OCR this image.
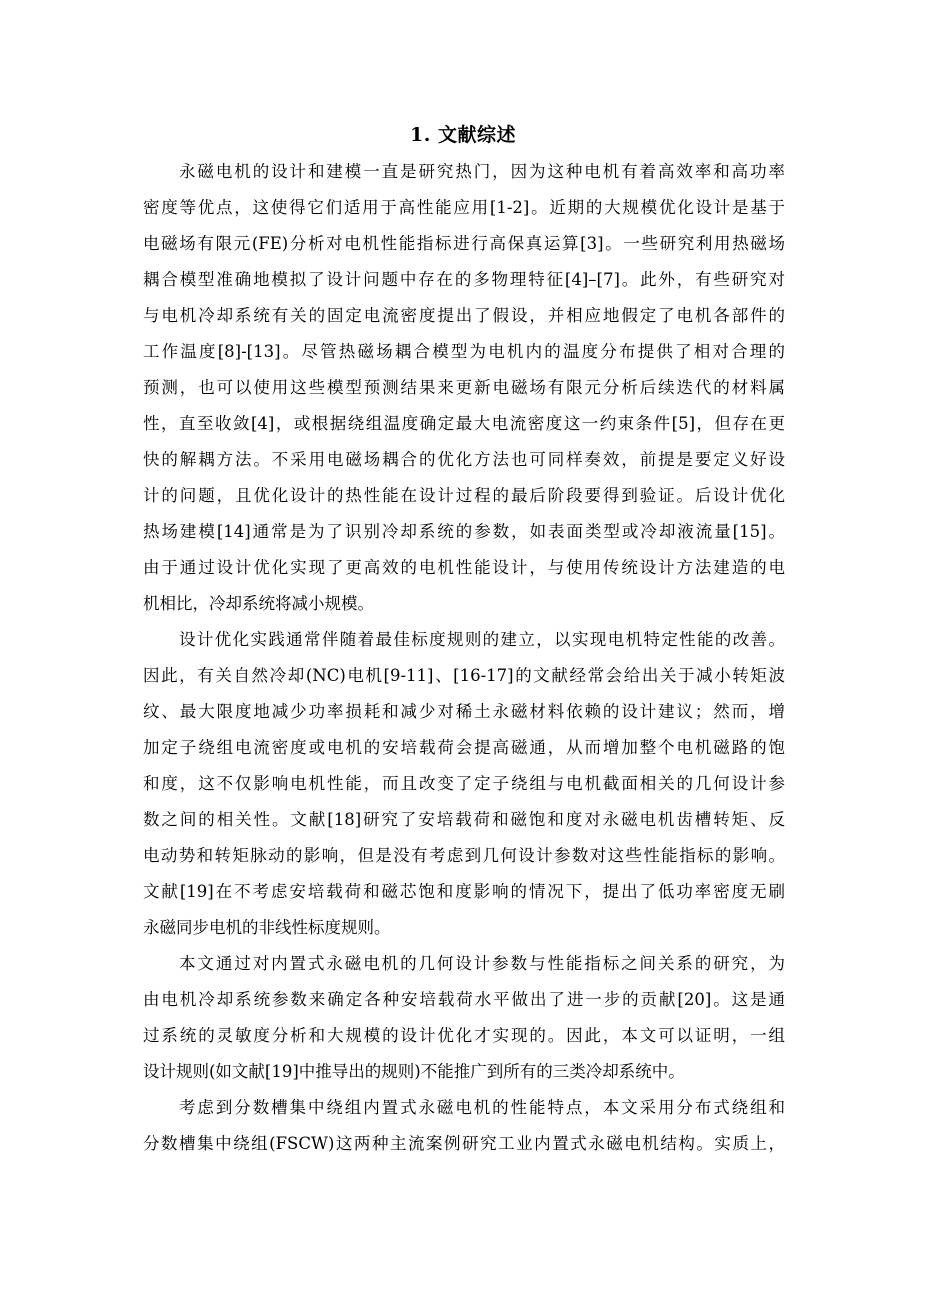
1. 文献综述
永磁电机的设计和建模一直是研究热门，因为这种电机有着高效率和高功率
密度等优点，这使得它们适用于高性能应用[1-2]。近期的大规模优化设计是基于
电磁场有限元(FE)分析对电机性能指标进行高保真运算[3]。一些研究利用热磁场
耦合模型准确地模拟了设计问题中存在的多物理特征[4]–[7]。此外，有些研究对
与电机冷却系统有关的固定电流密度提出了假设，并相应地假定了电机各部件的
工作温度[8]-[13]。尽管热磁场耦合模型为电机内的温度分布提供了相对合理的
预测，也可以使用这些模型预测结果来更新电磁场有限元分析后续迭代的材料属
性，直至收敛[4]，或根据绕组温度确定最大电流密度这一约束条件[5]，但存在更
快的解耦方法。不采用电磁场耦合的优化方法也可同样奏效，前提是要定义好设
计的问题，且优化设计的热性能在设计过程的最后阶段要得到验证。后设计优化
热场建模[14]通常是为了识别冷却系统的参数，如表面类型或冷却液流量[15]。
由于通过设计优化实现了更高效的电机性能设计，与使用传统设计方法建造的电
机相比，冷却系统将减小规模。
设计优化实践通常伴随着最佳标度规则的建立，以实现电机特定性能的改善。
因此，有关自然冷却(NC)电机[9-11]、[16-17]的文献经常会给出关于减小转矩波
纹、最大限度地减少功率损耗和减少对稀土永磁材料依赖的设计建议；然而，增
加定子绕组电流密度或电机的安培载荷会提高磁通，从而增加整个电机磁路的饱
和度，这不仅影响电机性能，而且改变了定子绕组与电机截面相关的几何设计参
数之间的相关性。文献[18]研究了安培载荷和磁饱和度对永磁电机齿槽转矩、反
电动势和转矩脉动的影响，但是没有考虑到几何设计参数对这些性能指标的影响。
文献[19]在不考虑安培载荷和磁芯饱和度影响的情况下，提出了低功率密度无刷
永磁同步电机的非线性标度规则。
本文通过对内置式永磁电机的几何设计参数与性能指标之间关系的研究，为
由电机冷却系统参数来确定各种安培载荷水平做出了进一步的贡献[20]。这是通
过系统的灵敏度分析和大规模的设计优化才实现的。因此，本文可以证明，一组
设计规则(如文献[19]中推导出的规则)不能推广到所有的三类冷却系统中。
考虑到分数槽集中绕组内置式永磁电机的性能特点，本文采用分布式绕组和
分数槽集中绕组(FSCW)这两种主流案例研究工业内置式永磁电机结构。实质上，
